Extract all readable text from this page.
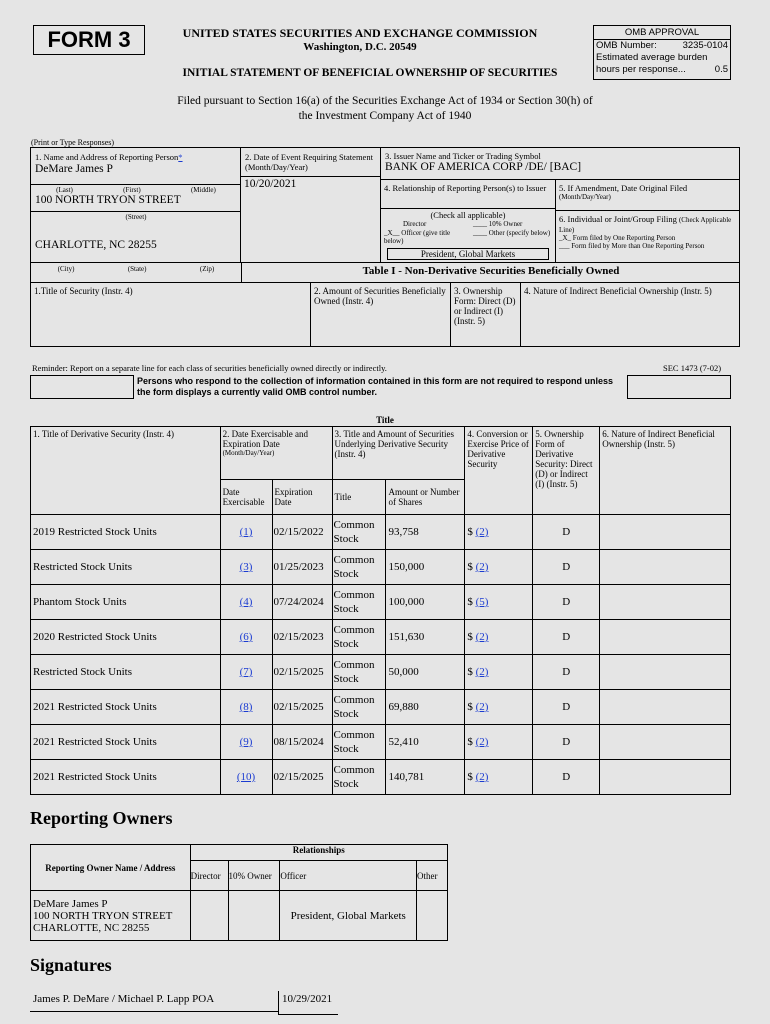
FORM 3	UNITED STATES SECURITIES AND EXCHANGE COMMISSION
Washington, D.C. 20549
INITIAL STATEMENT OF BENEFICIAL OWNERSHIP OF SECURITIES
OMB APPROVAL
OMB Number:	3235-0104
Estimated average burden
hours per response...	0.5
Filed pursuant to Section 16(a) of the Securities Exchange Act of 1934 or Section 30(h) of
the Investment Company Act of 1940
(Print or Type Responses)
1. Name and Address of Reporting Person*
DeMare James P
(Last)	(First)	(Middle)
100 NORTH TRYON STREET
(Street)
CHARLOTTE, NC 28255
2. Date of Event Requiring Statement (Month/Day/Year)
10/20/2021
3. Issuer Name and Ticker or Trading Symbol
BANK OF AMERICA CORP /DE/ [BAC]
4. Relationship of Reporting Person(s) to Issuer
(Check all applicable)
Director	____ 10% Owner
_X__ Officer (give title below)
____ Other (specify below)
President, Global Markets
5. If Amendment, Date Original Filed
(Month/Day/Year)
6. Individual or Joint/Group Filing (Check Applicable Line)
_X_ Form filed by One Reporting Person
___ Form filed by More than One Reporting Person
(City)	(State)	(Zip)	Table I - Non-Derivative Securities Beneficially Owned
1.Title of Security (Instr. 4)	2. Amount of Securities Beneficially Owned (Instr. 4)
3. Ownership Form: Direct (D) or Indirect (I) (Instr. 5)
4. Nature of Indirect Beneficial Ownership (Instr. 5)
Reminder: Report on a separate line for each class of securities beneficially owned directly or indirectly.	SEC 1473 (7-02)
Persons who respond to the collection of information contained in this form are not required to respond unless the form displays a currently valid OMB control number.
Title
1. Title of Derivative Security (Instr. 4)	2. Date Exercisable and Expiration Date
(Month/Day/Year)		3. Title and Amount of Securities Underlying Derivative Security (Instr. 4)		4. Conversion or Exercise Price of Derivative Security	5. Ownership Form of Derivative Security: Direct (D) or Indirect (I) (Instr. 5)	6. Nature of Indirect Beneficial Ownership (Instr. 5)
	Date Exercisable	Expiration Date	Title	Amount or Number of Shares			
2019 Restricted Stock Units	(1)	02/15/2022	Common Stock	93,758	$ (2)	D	
Restricted Stock Units	(3)	01/25/2023	Common Stock	150,000	$ (2)	D	
Phantom Stock Units	(4)	07/24/2024	Common Stock	100,000	$ (5)	D	
2020 Restricted Stock Units	(6)	02/15/2023	Common Stock	151,630	$ (2)	D	
Restricted Stock Units	(7)	02/15/2025	Common Stock	50,000	$ (2)	D	
2021 Restricted Stock Units	(8)	02/15/2025	Common Stock	69,880	$ (2)	D	
2021 Restricted Stock Units	(9)	08/15/2024	Common Stock	52,410	$ (2)	D	
2021 Restricted Stock Units	(10)	02/15/2025	Common Stock	140,781	$ (2)	D	
Reporting Owners
Reporting Owner Name / Address	Relationships			
	Director	10% Owner	Officer	Other

DeMare James P
100 NORTH TRYON STREET
CHARLOTTE, NC 28255			President, Global Markets	
Signatures
James P. DeMare / Michael P. Lapp POA	10/29/2021
